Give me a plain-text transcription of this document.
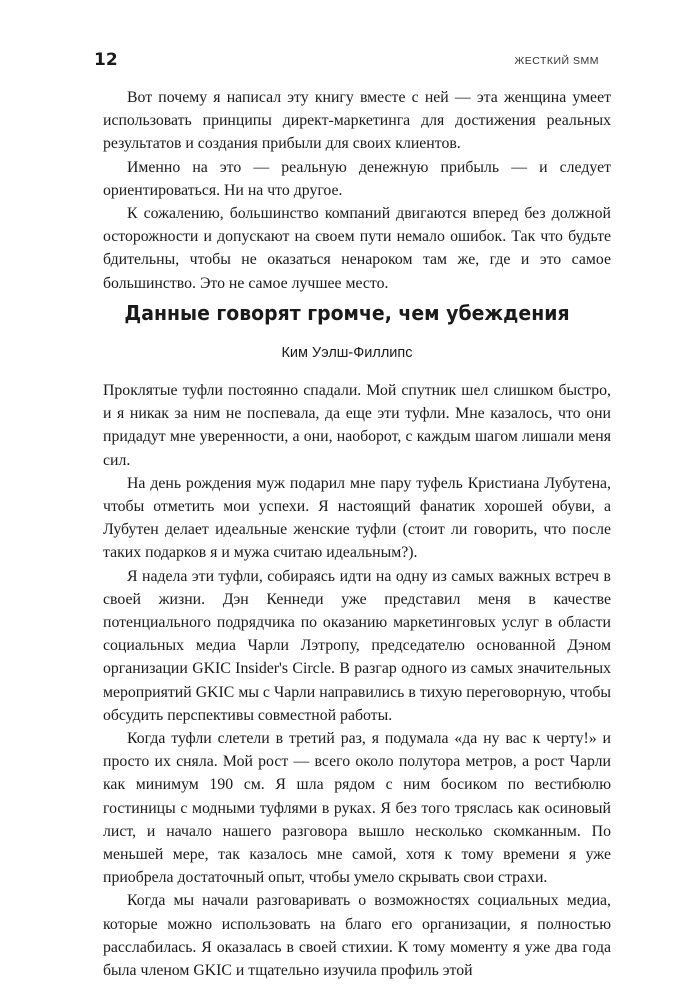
12	ЖЕСТКИЙ SMM

Вот почему я написал эту книгу вместе с ней — эта женщина умеет использовать принципы директ-маркетинга для достижения реальных результатов и создания прибыли для своих клиентов.

Именно на это — реальную денежную прибыль — и следует ориентироваться. Ни на что другое.

К сожалению, большинство компаний двигаются вперед без должной осторожности и допускают на своем пути немало ошибок. Так что будьте бдительны, чтобы не оказаться ненароком там же, где и это самое большинство. Это не самое лучшее место.

Данные говорят громче, чем убеждения
Ким Уэлш-Филлипс

Проклятые туфли постоянно спадали. Мой спутник шел слишком быстро, и я никак за ним не поспевала, да еще эти туфли. Мне казалось, что они придадут мне уверенности, а они, наоборот, с каждым шагом лишали меня сил.

На день рождения муж подарил мне пару туфель Кристиана Лубутена, чтобы отметить мои успехи. Я настоящий фанатик хорошей обуви, а Лубутен делает идеальные женские туфли (стоит ли говорить, что после таких подарков я и мужа считаю идеальным?).

Я надела эти туфли, собираясь идти на одну из самых важных встреч в своей жизни. Дэн Кеннеди уже представил меня в качестве потенциального подрядчика по оказанию маркетинговых услуг в области социальных медиа Чарли Лэтропу, председателю основанной Дэном организации GKIC Insider's Circle. В разгар одного из самых значительных мероприятий GKIC мы с Чарли направились в тихую переговорную, чтобы обсудить перспективы совместной работы.

Когда туфли слетели в третий раз, я подумала «да ну вас к черту!» и просто их сняла. Мой рост — всего около полутора метров, а рост Чарли как минимум 190 см. Я шла рядом с ним босиком по вестибюлю гостиницы с модными туфлями в руках. Я без того тряслась как осиновый лист, и начало нашего разговора вышло несколько скомканным. По меньшей мере, так казалось мне самой, хотя к тому времени я уже приобрела достаточный опыт, чтобы умело скрывать свои страхи.

Когда мы начали разговаривать о возможностях социальных медиа, которые можно использовать на благо его организации, я полностью расслабилась. Я оказалась в своей стихии. К тому моменту я уже два года была членом GKIC и тщательно изучила профиль этой
